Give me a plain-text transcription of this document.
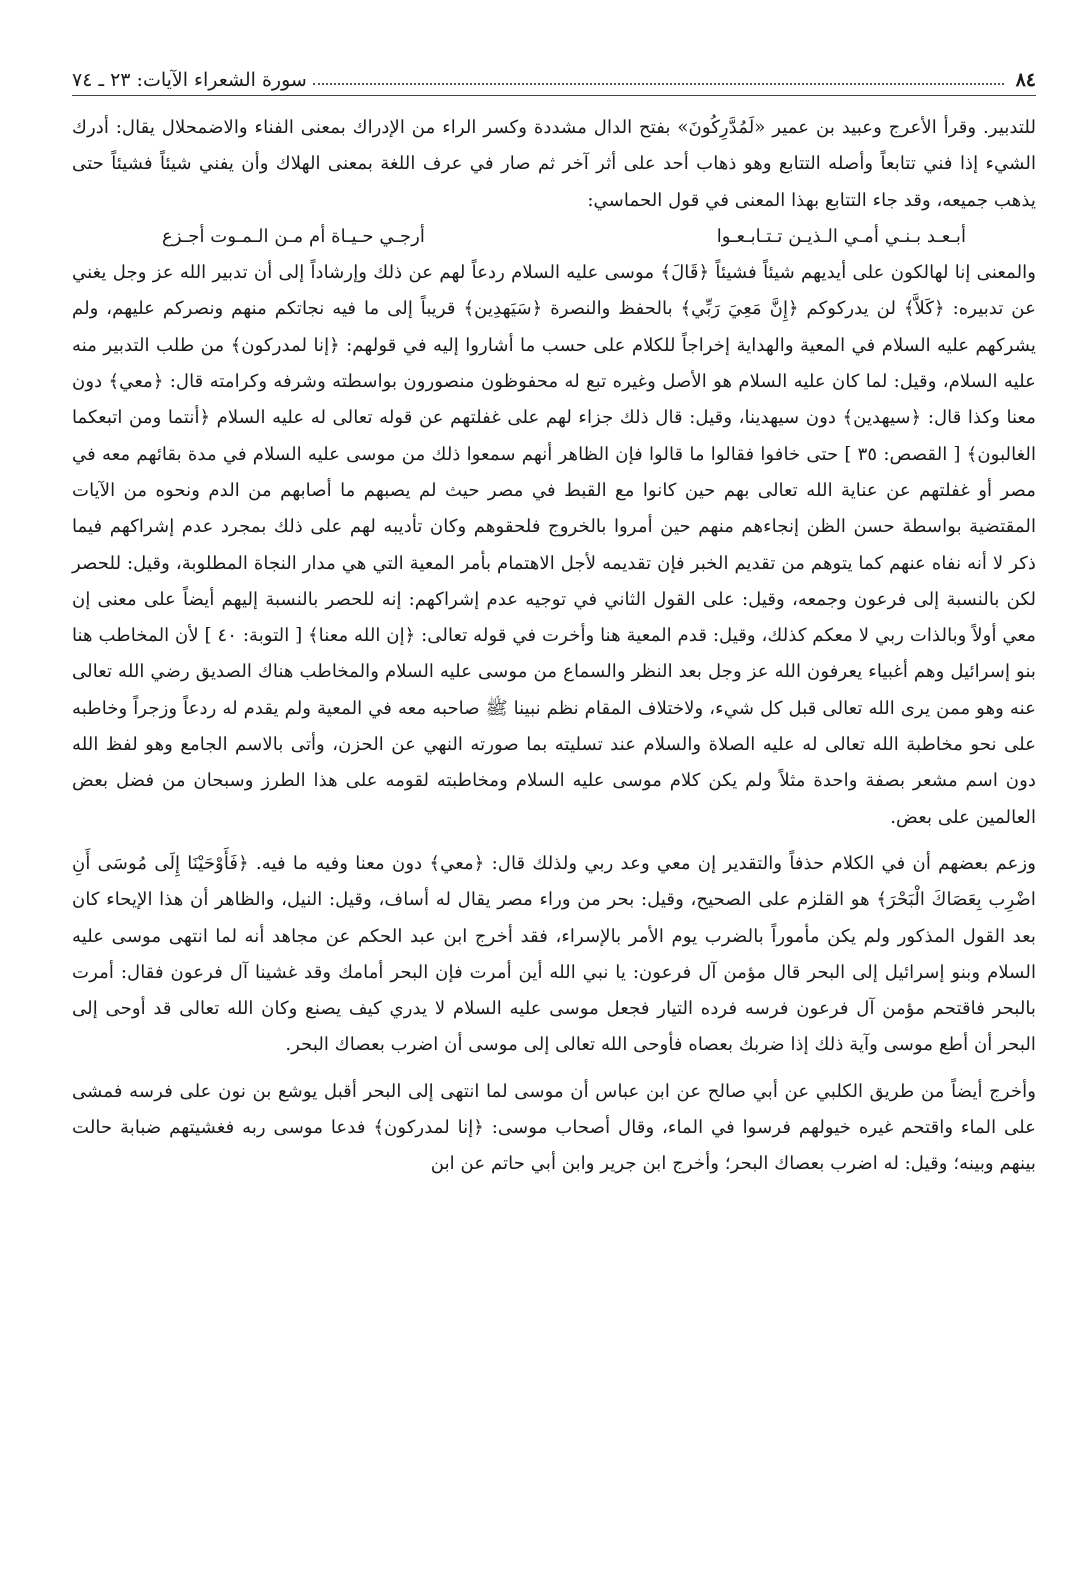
٨٤
سورة الشعراء الآيات: ٢٣ ـ ٧٤

للتدبير. وقرأ الأعرج وعبيد بن عمير «لَمُدَّرِكُونَ» بفتح الدال مشددة وكسر الراء من الإدراك بمعنى الفناء والاضمحلال يقال: أدرك الشيء إذا فني تتابعاً وأصله التتابع وهو ذهاب أحد على أثر آخر ثم صار في عرف اللغة بمعنى الهلاك وأن يفني شيئاً فشيئاً حتى يذهب جميعه، وقد جاء التتابع بهذا المعنى في قول الحماسي:

أبـعـد بـنـي أمـي الـذيـن تـتـابـعـوا
أرجـي حـيـاة أم مـن الـمـوت أجـزع

والمعنى إنا لهالكون على أيديهم شيئاً فشيئاً ﴿قَالَ﴾ موسى عليه السلام ردعاً لهم عن ذلك وإرشاداً إلى أن تدبير الله عز وجل يغني عن تدبيره: ﴿كَلاَّ﴾ لن يدركوكم ﴿إِنَّ مَعِيَ رَبِّي﴾ بالحفظ والنصرة ﴿سَيَهدِين﴾ قريباً إلى ما فيه نجاتكم منهم ونصركم عليهم، ولم يشركهم عليه السلام في المعية والهداية إخراجاً للكلام على حسب ما أشاروا إليه في قولهم: ﴿إنا لمدركون﴾ من طلب التدبير منه عليه السلام، وقيل: لما كان عليه السلام هو الأصل وغيره تبع له محفوظون منصورون بواسطته وشرفه وكرامته قال: ﴿معي﴾ دون معنا وكذا قال: ﴿سيهدين﴾ دون سيهدينا، وقيل: قال ذلك جزاء لهم على غفلتهم عن قوله تعالى له عليه السلام ﴿أنتما ومن اتبعكما الغالبون﴾ [ القصص: ٣٥ ] حتى خافوا فقالوا ما قالوا فإن الظاهر أنهم سمعوا ذلك من موسى عليه السلام في مدة بقائهم معه في مصر أو غفلتهم عن عناية الله تعالى بهم حين كانوا مع القبط في مصر حيث لم يصبهم ما أصابهم من الدم ونحوه من الآيات المقتضية بواسطة حسن الظن إنجاءهم منهم حين أمروا بالخروج فلحقوهم وكان تأديبه لهم على ذلك بمجرد عدم إشراكهم فيما ذكر لا أنه نفاه عنهم كما يتوهم من تقديم الخبر فإن تقديمه لأجل الاهتمام بأمر المعية التي هي مدار النجاة المطلوبة، وقيل: للحصر لكن بالنسبة إلى فرعون وجمعه، وقيل: على القول الثاني في توجيه عدم إشراكهم: إنه للحصر بالنسبة إليهم أيضاً على معنى إن معي أولاً وبالذات ربي لا معكم كذلك، وقيل: قدم المعية هنا وأخرت في قوله تعالى: ﴿إن الله معنا﴾ [ التوبة: ٤٠ ] لأن المخاطب هنا بنو إسرائيل وهم أغبياء يعرفون الله عز وجل بعد النظر والسماع من موسى عليه السلام والمخاطب هناك الصديق رضي الله تعالى عنه وهو ممن يرى الله تعالى قبل كل شيء، ولاختلاف المقام نظم نبينا ﷺ صاحبه معه في المعية ولم يقدم له ردعاً وزجراً وخاطبه على نحو مخاطبة الله تعالى له عليه الصلاة والسلام عند تسليته بما صورته النهي عن الحزن، وأتى بالاسم الجامع وهو لفظ الله دون اسم مشعر بصفة واحدة مثلاً ولم يكن كلام موسى عليه السلام ومخاطبته لقومه على هذا الطرز وسبحان من فضل بعض العالمين على بعض.

وزعم بعضهم أن في الكلام حذفاً والتقدير إن معي وعد ربي ولذلك قال: ﴿معي﴾ دون معنا وفيه ما فيه. ﴿فَأَوْحَيْنَا إِلَى مُوسَى أَنِ اضْرِب بِعَصَاكَ الْبَحْرَ﴾ هو القلزم على الصحيح، وقيل: بحر من وراء مصر يقال له أساف، وقيل: النيل، والظاهر أن هذا الإيحاء كان بعد القول المذكور ولم يكن مأموراً بالضرب يوم الأمر بالإسراء، فقد أخرج ابن عبد الحكم عن مجاهد أنه لما انتهى موسى عليه السلام وبنو إسرائيل إلى البحر قال مؤمن آل فرعون: يا نبي الله أين أمرت فإن البحر أمامك وقد غشينا آل فرعون فقال: أمرت بالبحر فاقتحم مؤمن آل فرعون فرسه فرده التيار فجعل موسى عليه السلام لا يدري كيف يصنع وكان الله تعالى قد أوحى إلى البحر أن أطع موسى وآية ذلك إذا ضربك بعصاه فأوحى الله تعالى إلى موسى أن اضرب بعصاك البحر.

وأخرج أيضاً من طريق الكلبي عن أبي صالح عن ابن عباس أن موسى لما انتهى إلى البحر أقبل يوشع بن نون على فرسه فمشى على الماء واقتحم غيره خيولهم فرسوا في الماء، وقال أصحاب موسى: ﴿إنا لمدركون﴾ فدعا موسى ربه فغشيتهم ضبابة حالت بينهم وبينه؛ وقيل: له اضرب بعصاك البحر؛ وأخرج ابن جرير وابن أبي حاتم عن ابن
